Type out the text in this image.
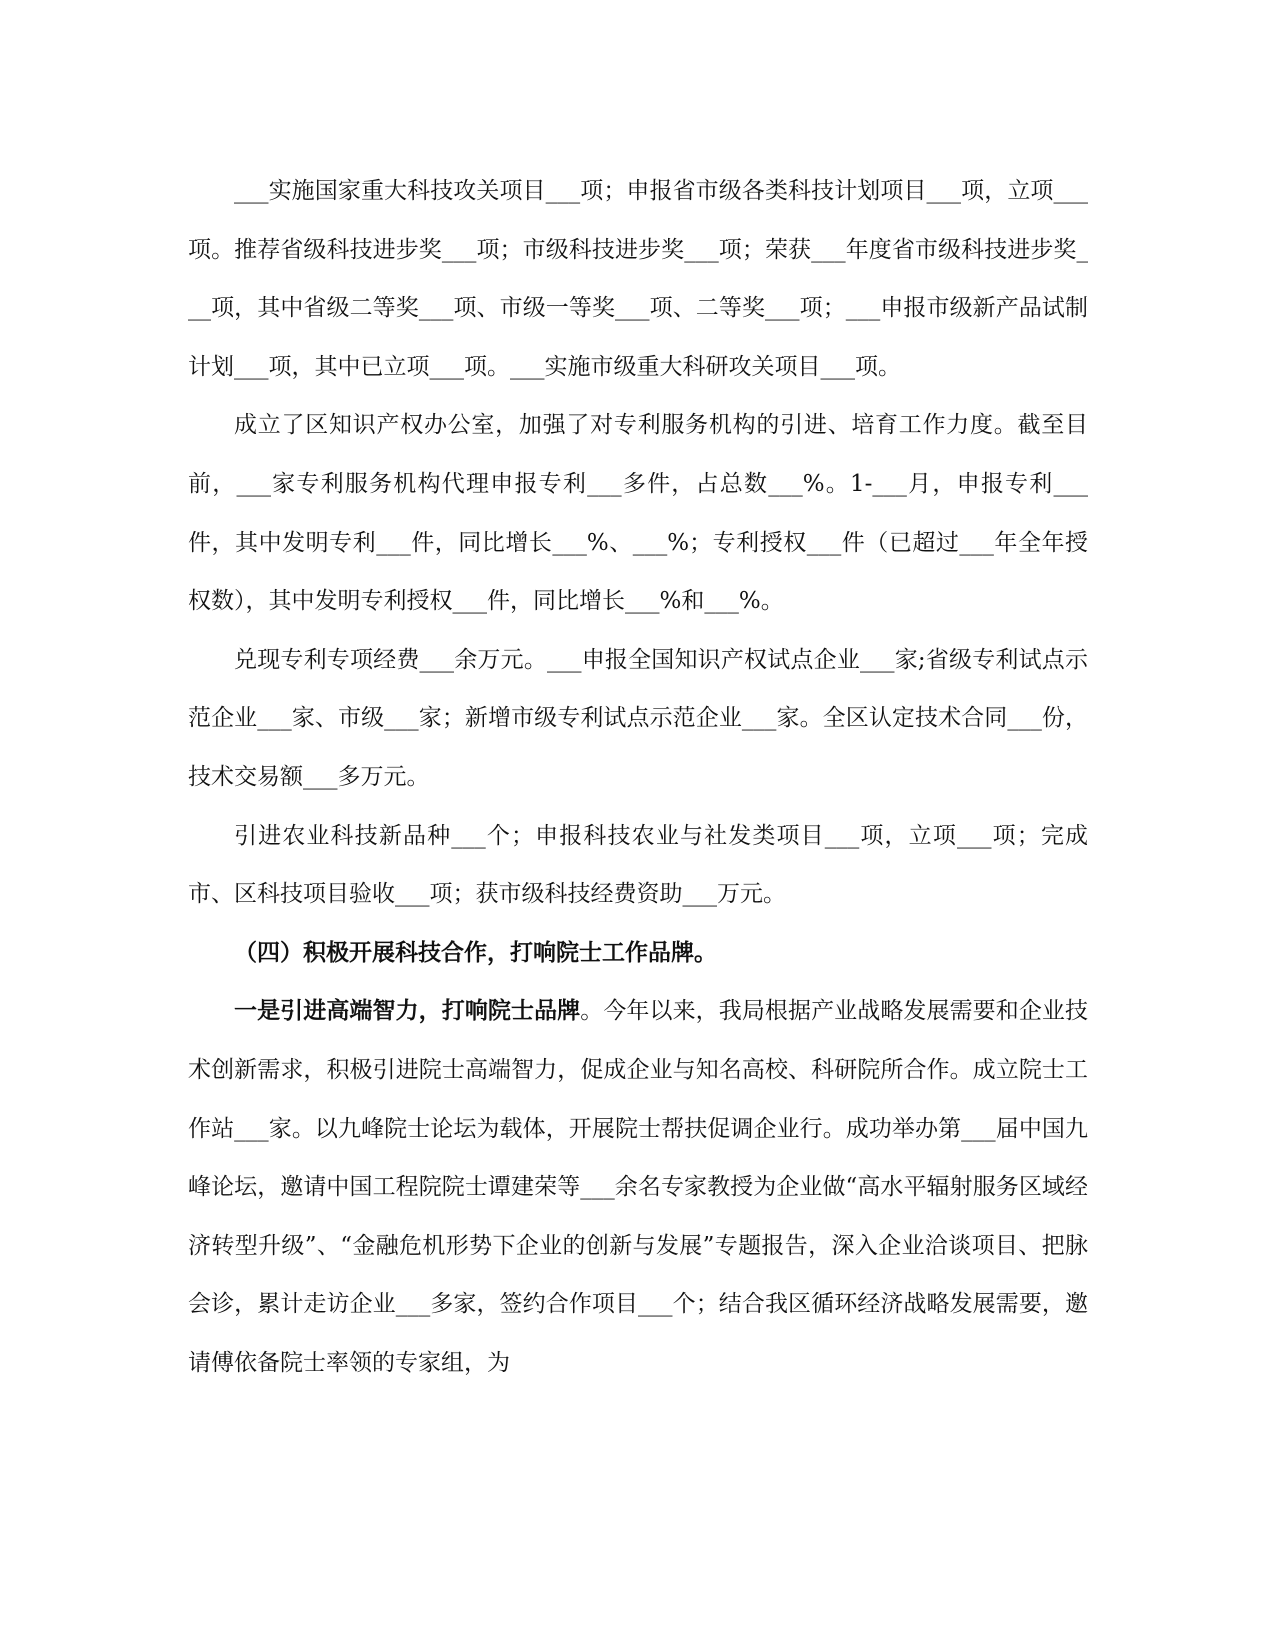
___实施国家重大科技攻关项目___项；申报省市级各类科技计划项目___项，立项___项。推荐省级科技进步奖___项；市级科技进步奖___项；荣获___年度省市级科技进步奖___项，其中省级二等奖___项、市级一等奖___项、二等奖___项；___申报市级新产品试制计划___项，其中已立项___项。___实施市级重大科研攻关项目___项。

成立了区知识产权办公室，加强了对专利服务机构的引进、培育工作力度。截至目前，___家专利服务机构代理申报专利___多件，占总数___%。1-___月，申报专利___件，其中发明专利___件，同比增长___%、___%；专利授权___件（已超过___年全年授权数），其中发明专利授权___件，同比增长___%和___%。

兑现专利专项经费___余万元。___申报全国知识产权试点企业___家;省级专利试点示范企业___家、市级___家；新增市级专利试点示范企业___家。全区认定技术合同___份，技术交易额___多万元。

引进农业科技新品种___个；申报科技农业与社发类项目___项，立项___项；完成市、区科技项目验收___项；获市级科技经费资助___万元。

（四）积极开展科技合作，打响院士工作品牌。

一是引进高端智力，打响院士品牌。今年以来，我局根据产业战略发展需要和企业技术创新需求，积极引进院士高端智力，促成企业与知名高校、科研院所合作。成立院士工作站___家。以九峰院士论坛为载体，开展院士帮扶促调企业行。成功举办第___届中国九峰论坛，邀请中国工程院院士谭建荣等___余名专家教授为企业做“高水平辐射服务区域经济转型升级”、“金融危机形势下企业的创新与发展”专题报告，深入企业洽谈项目、把脉会诊，累计走访企业___多家，签约合作项目___个；结合我区循环经济战略发展需要，邀请傅依备院士率领的专家组，为
